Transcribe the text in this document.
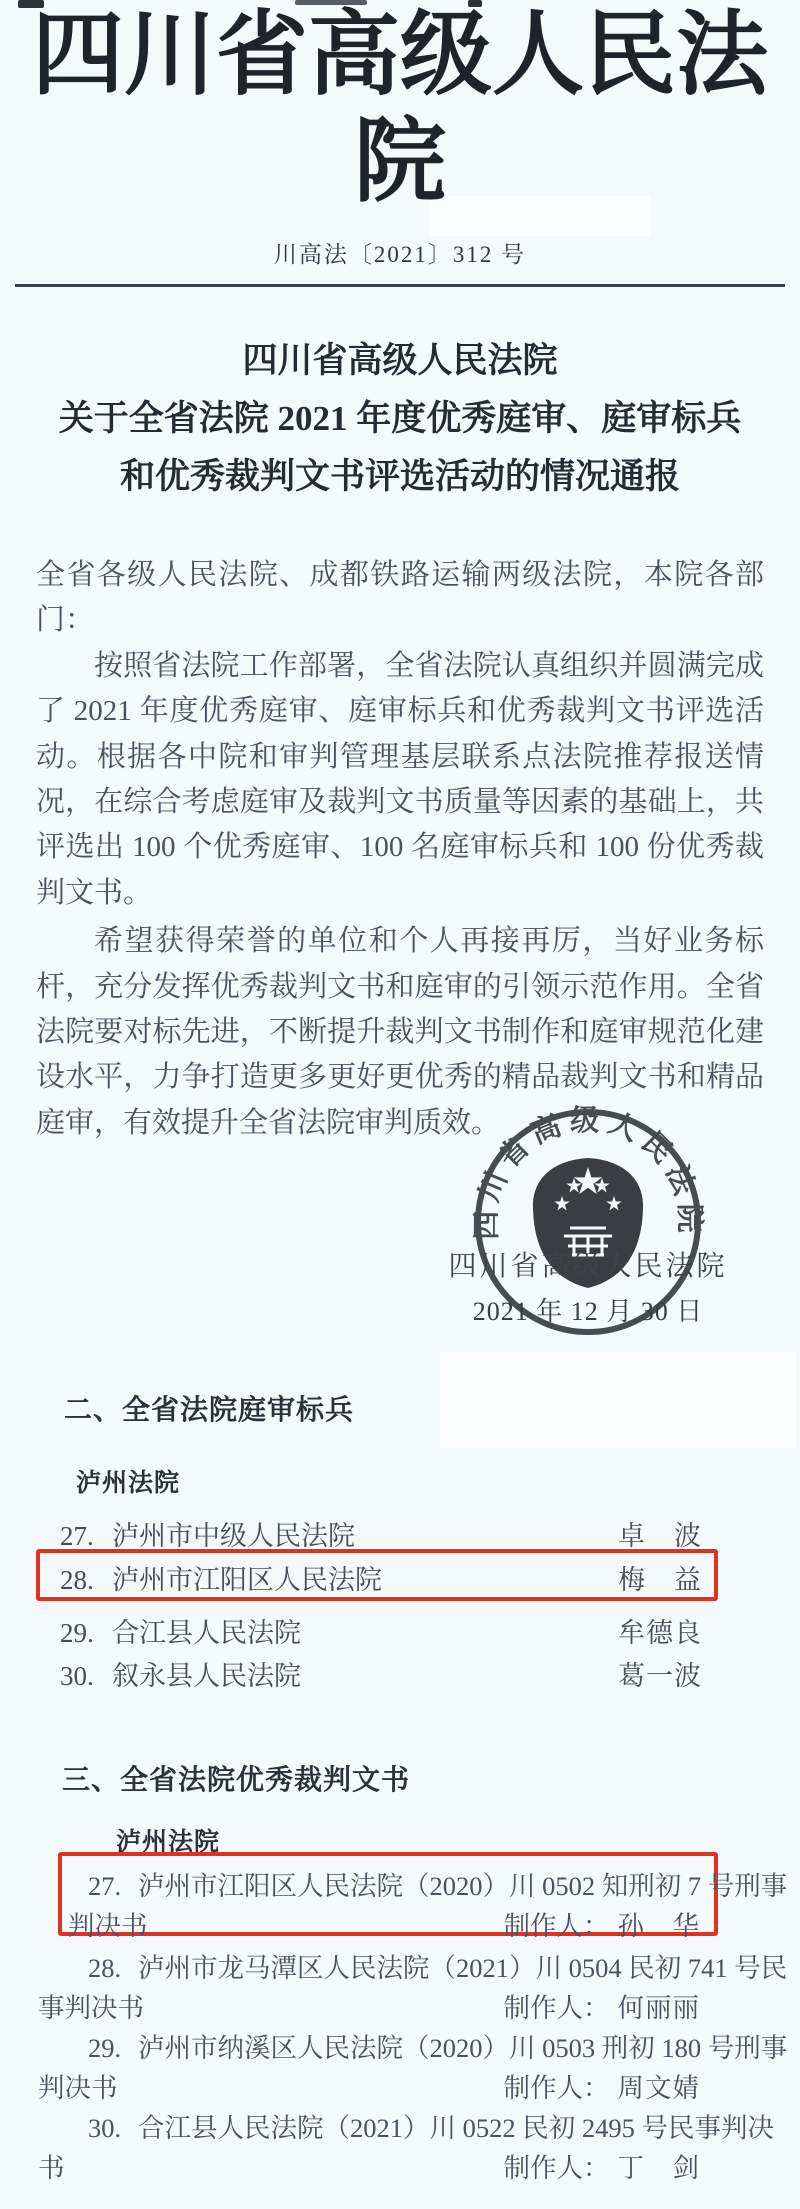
四川省高级人民法院
川高法〔2021〕312 号
四川省高级人民法院
关于全省法院 2021 年度优秀庭审、庭审标兵
和优秀裁判文书评选活动的情况通报

全省各级人民法院、成都铁路运输两级法院，本院各部门：

按照省法院工作部署，全省法院认真组织并圆满完成了 2021 年度优秀庭审、庭审标兵和优秀裁判文书评选活动。根据各中院和审判管理基层联系点法院推荐报送情况，在综合考虑庭审及裁判文书质量等因素的基础上，共评选出 100 个优秀庭审、100 名庭审标兵和 100 份优秀裁判文书。

希望获得荣誉的单位和个人再接再厉，当好业务标杆，充分发挥优秀裁判文书和庭审的引领示范作用。全省法院要对标先进，不断提升裁判文书制作和庭审规范化建设水平，力争打造更多更好更优秀的精品裁判文书和精品庭审，有效提升全省法院审判质效。

四川省高级人民法院
四川省高级人民法院
2021 年 12 月 30 日
二、全省法院庭审标兵
泸州法院
27. 泸州市中级人民法院	卓　波
28. 泸州市江阳区人民法院	梅　益
29. 合江县人民法院	牟德良
30. 叙永县人民法院	葛一波
三、全省法院优秀裁判文书
泸州法院
27. 泸州市江阳区人民法院（2020）川 0502 知刑初 7 号刑事
判决书	制作人： 孙　华
28. 泸州市龙马潭区人民法院（2021）川 0504 民初 741 号民
事判决书	制作人： 何丽丽
29. 泸州市纳溪区人民法院（2020）川 0503 刑初 180 号刑事
判决书	制作人： 周文婧
30. 合江县人民法院（2021）川 0522 民初 2495 号民事判决
书	制作人： 丁　剑
